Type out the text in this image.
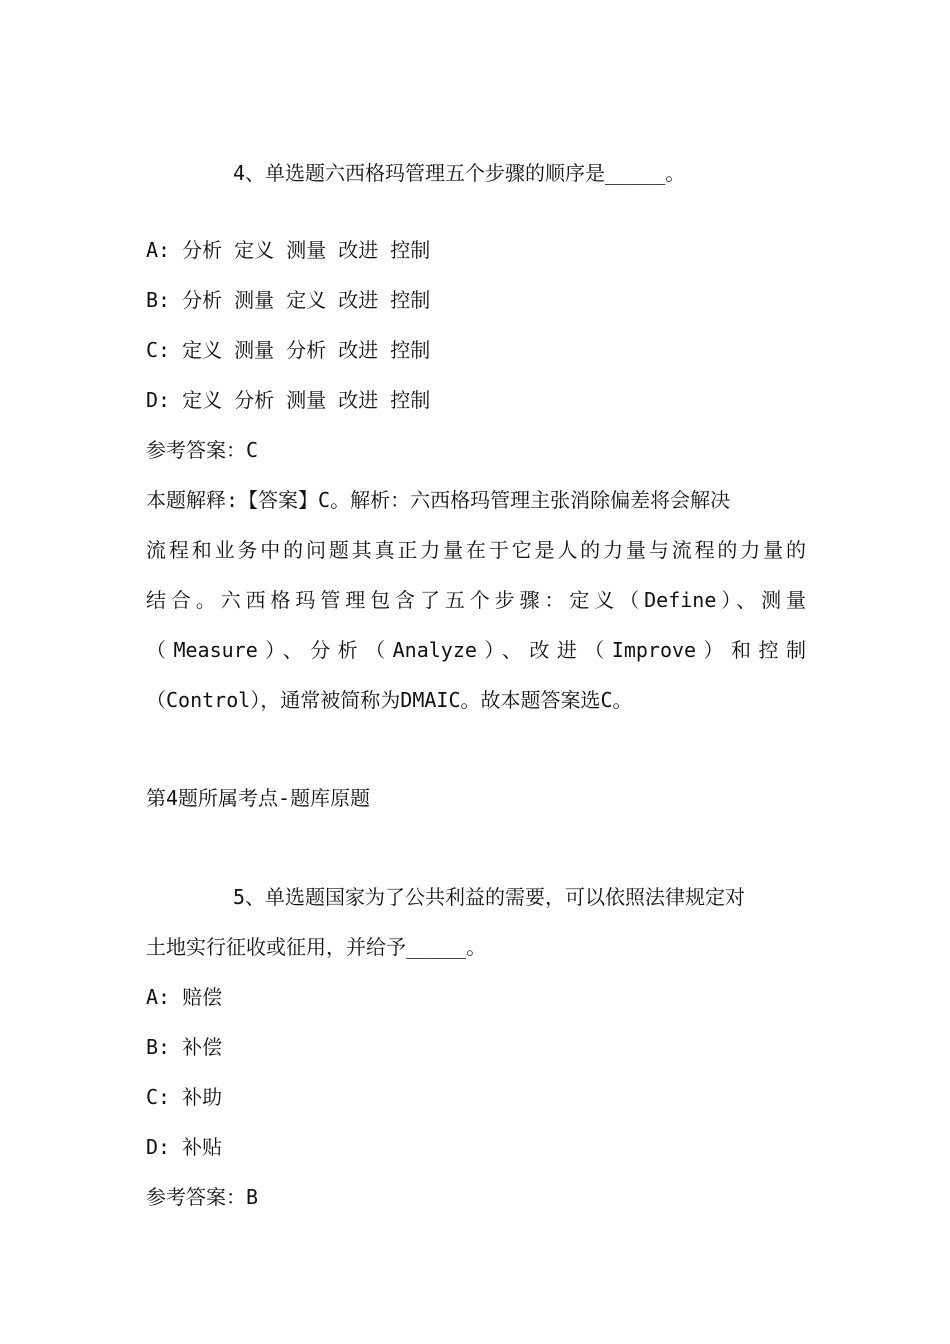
4、单选题六西格玛管理五个步骤的顺序是_____。
A: 分析 定义 测量 改进 控制
B: 分析 测量 定义 改进 控制
C: 定义 测量 分析 改进 控制
D: 定义 分析 测量 改进 控制
参考答案：C
本题解释:【答案】C。解析：六西格玛管理主张消除偏差将会解决
流程和业务中的问题其真正力量在于它是人的力量与流程的力量的
结合。六西格玛管理包含了五个步骤：定义（Define）、测量
（Measure）、分析（Analyze）、改进（Improve）和控制
（Control），通常被简称为DMAIC。故本题答案选C。
第4题所属考点-题库原题
5、单选题国家为了公共利益的需要，可以依照法律规定对
土地实行征收或征用，并给予_____。
A: 赔偿
B: 补偿
C: 补助
D: 补贴
参考答案：B
